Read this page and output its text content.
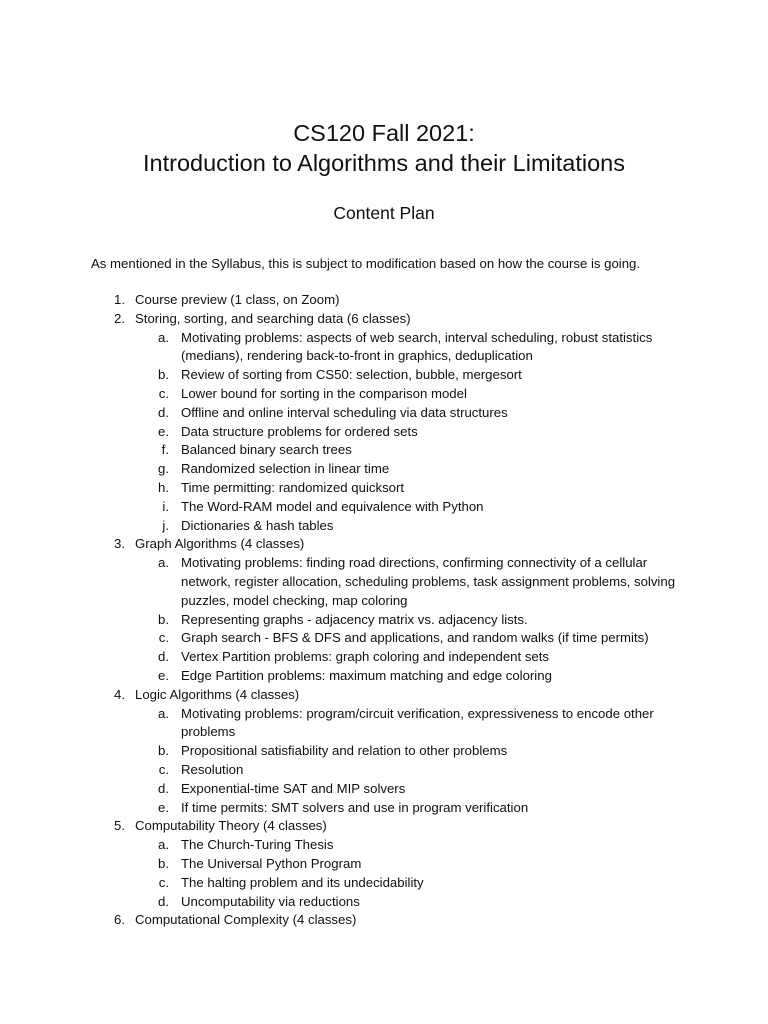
CS120 Fall 2021:
Introduction to Algorithms and their Limitations
Content Plan

As mentioned in the Syllabus, this is subject to modification based on how the course is going.

1. Course preview (1 class, on Zoom)
2. Storing, sorting, and searching data (6 classes)
a. Motivating problems: aspects of web search, interval scheduling, robust statistics (medians), rendering back-to-front in graphics, deduplication
b. Review of sorting from CS50: selection, bubble, mergesort
c. Lower bound for sorting in the comparison model
d. Offline and online interval scheduling via data structures
e. Data structure problems for ordered sets
f. Balanced binary search trees
g. Randomized selection in linear time
h. Time permitting: randomized quicksort
i. The Word-RAM model and equivalence with Python
j. Dictionaries & hash tables
3. Graph Algorithms (4 classes)
a. Motivating problems: finding road directions, confirming connectivity of a cellular network, register allocation, scheduling problems, task assignment problems, solving puzzles, model checking, map coloring
b. Representing graphs - adjacency matrix vs. adjacency lists.
c. Graph search - BFS & DFS and applications, and random walks (if time permits)
d. Vertex Partition problems: graph coloring and independent sets
e. Edge Partition problems: maximum matching and edge coloring
4. Logic Algorithms (4 classes)
a. Motivating problems: program/circuit verification, expressiveness to encode other problems
b. Propositional satisfiability and relation to other problems
c. Resolution
d. Exponential-time SAT and MIP solvers
e. If time permits: SMT solvers and use in program verification
5. Computability Theory (4 classes)
a. The Church-Turing Thesis
b. The Universal Python Program
c. The halting problem and its undecidability
d. Uncomputability via reductions
6. Computational Complexity (4 classes)
